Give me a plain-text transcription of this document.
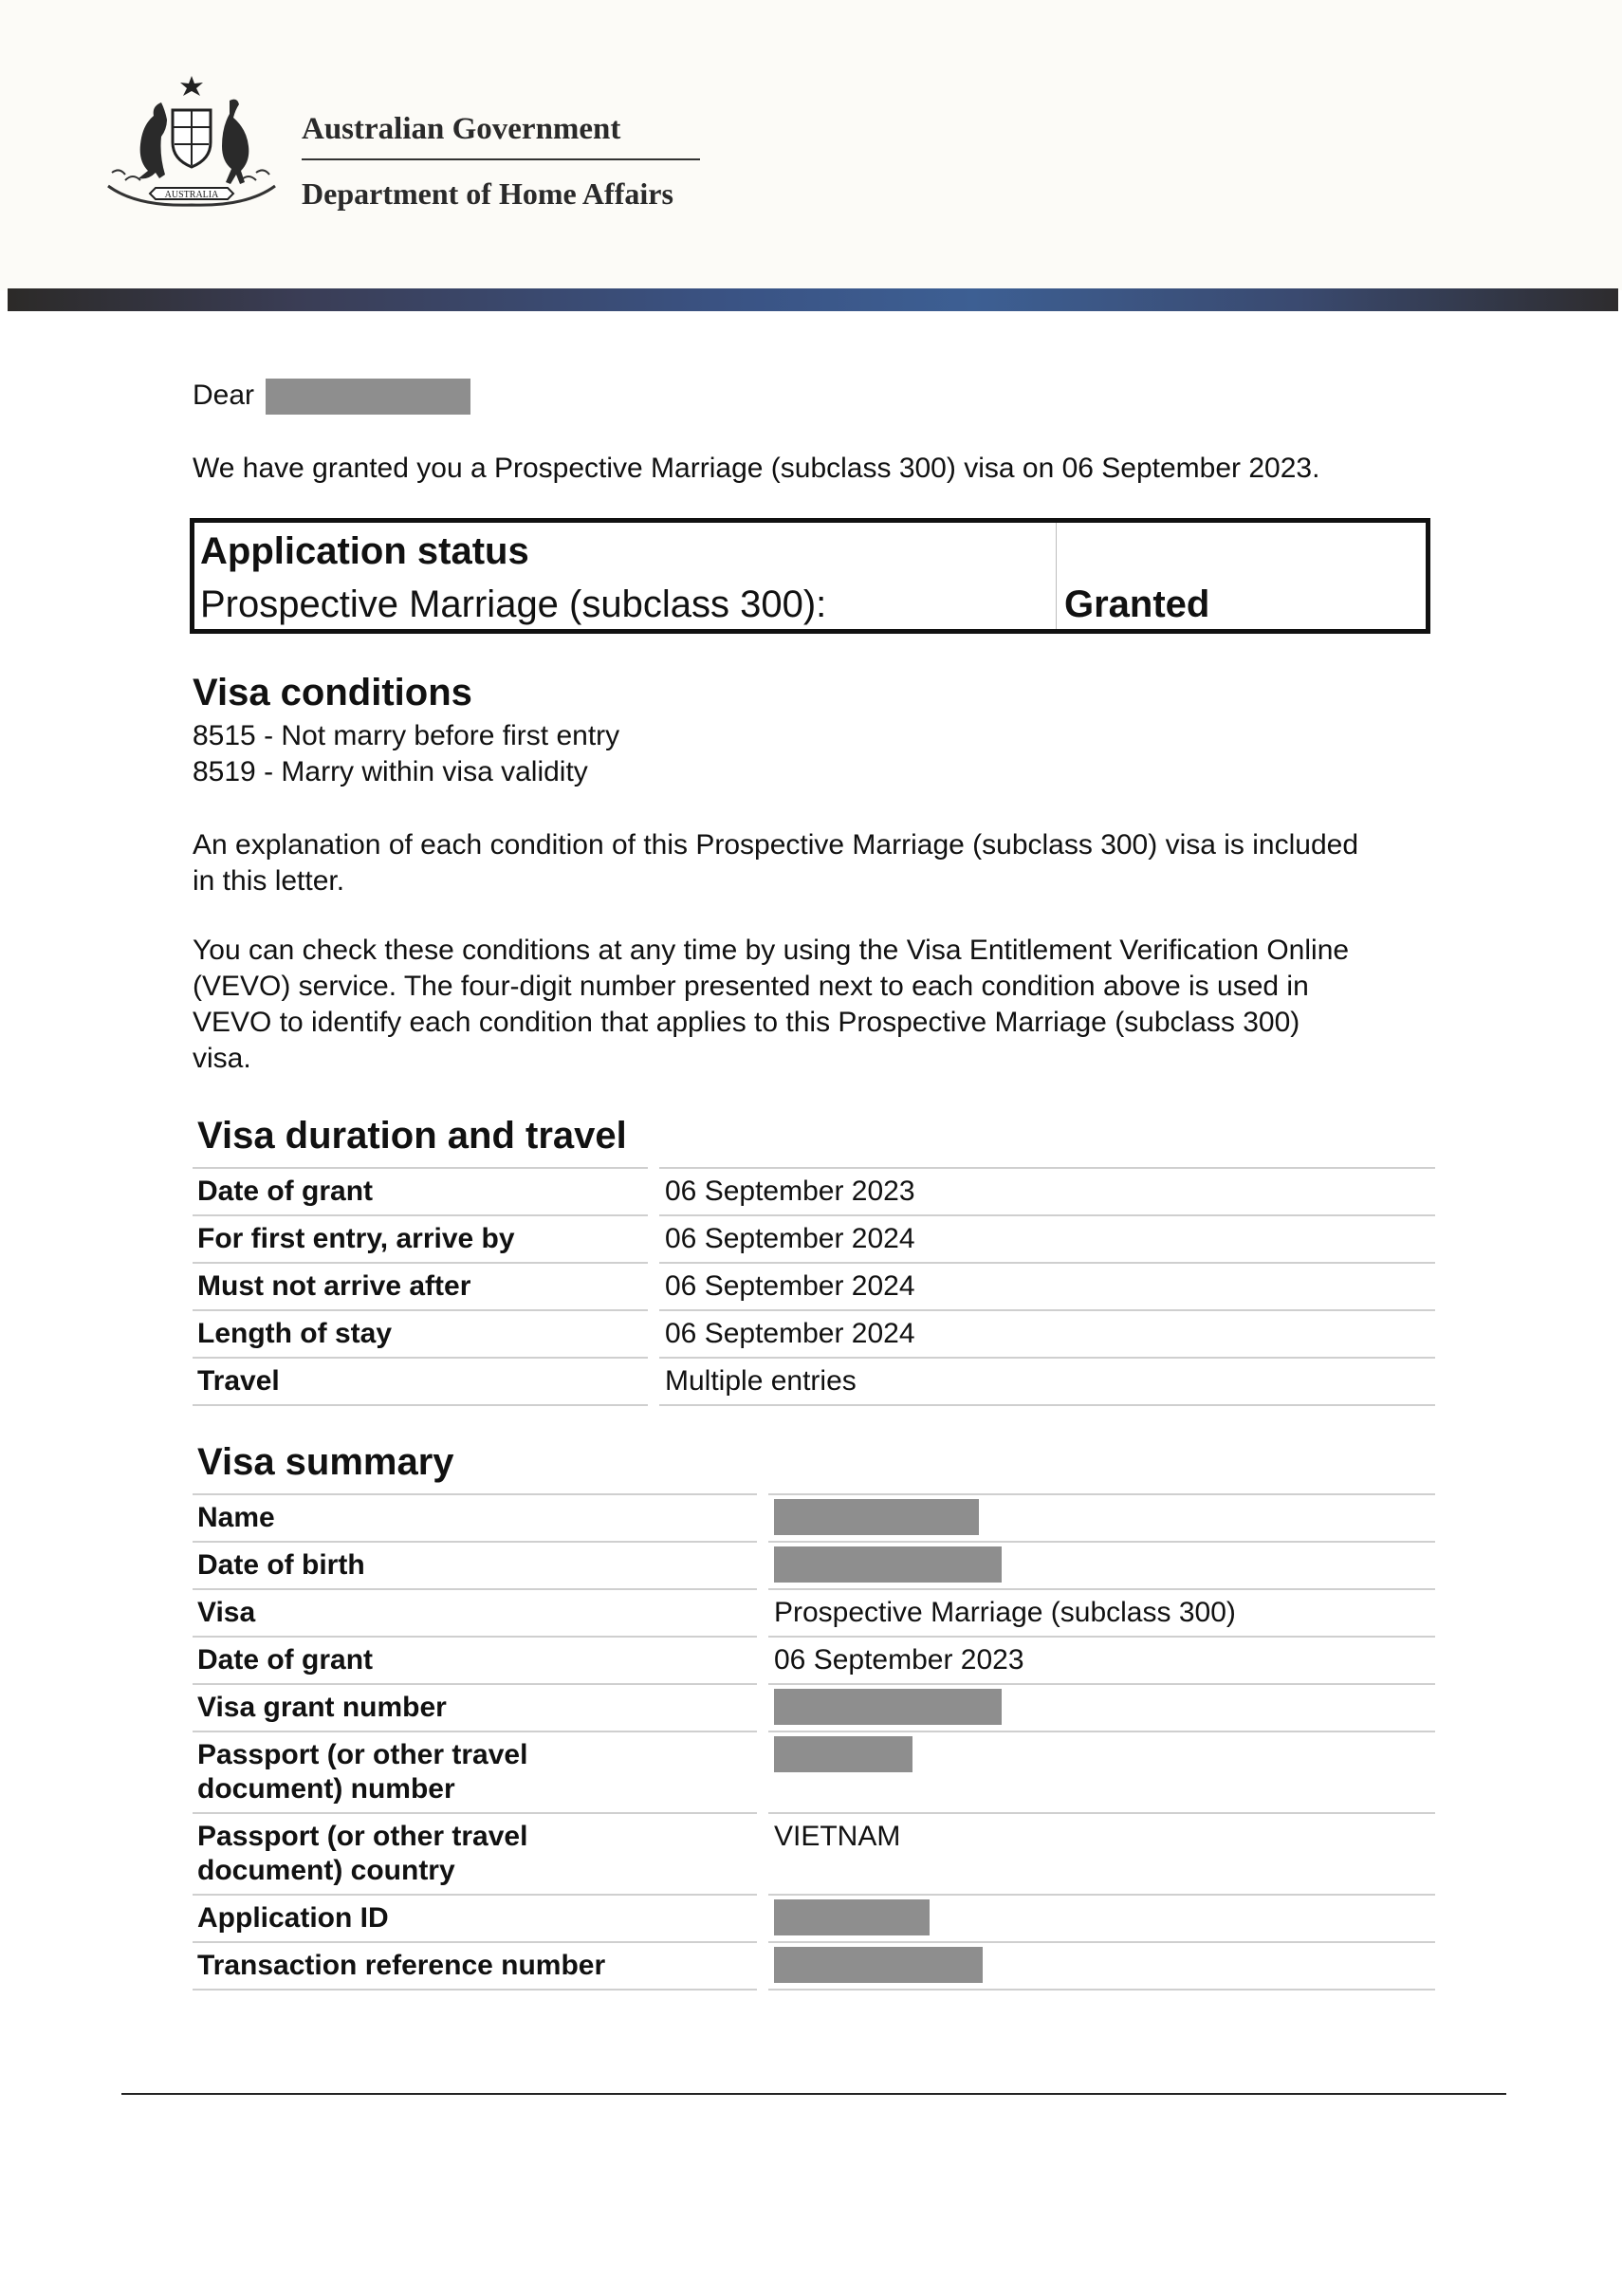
AUSTRALIA
Australian Government
Department of Home Affairs
Dear
We have granted you a Prospective Marriage (subclass 300) visa on 06 September 2023.
Application status
Prospective Marriage (subclass 300):	Granted
Visa conditions
8515 - Not marry before first entry
8519 - Marry within visa validity
An explanation of each condition of this Prospective Marriage (subclass 300) visa is included
in this letter.
You can check these conditions at any time by using the Visa Entitlement Verification Online
(VEVO) service. The four-digit number presented next to each condition above is used in
VEVO to identify each condition that applies to this Prospective Marriage (subclass 300)
visa.
Visa duration and travel
Date of grant	06 September 2023
For first entry, arrive by	06 September 2024
Must not arrive after	06 September 2024
Length of stay	06 September 2024
Travel	Multiple entries
Visa summary
Name	
Date of birth	
Visa	Prospective Marriage (subclass 300)
Date of grant	06 September 2023
Visa grant number	
Passport (or other travel document) number	
Passport (or other travel document) country	VIETNAM
Application ID	
Transaction reference number	
